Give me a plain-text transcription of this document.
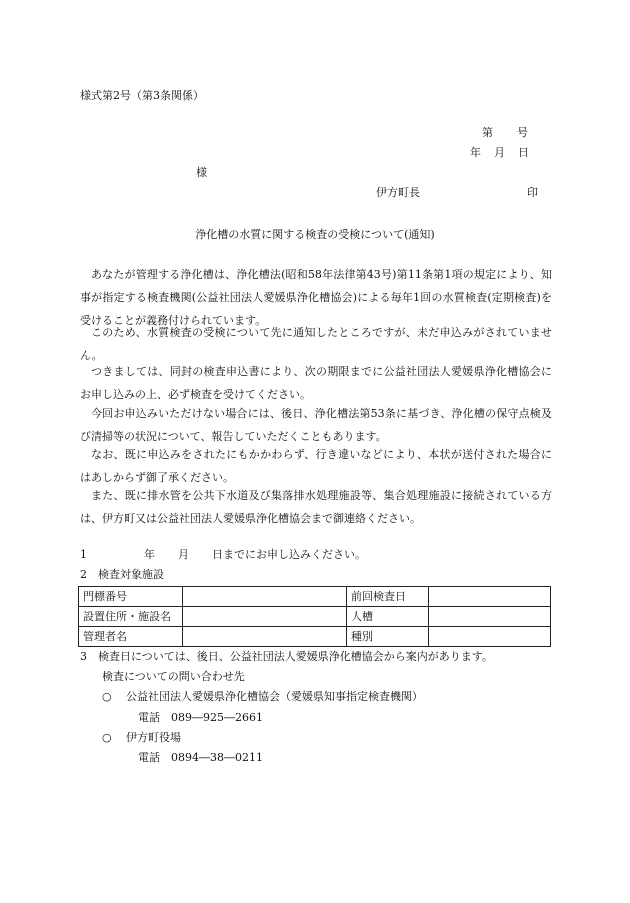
様式第2号（第3条関係）
第 号
年 月 日
様
伊方町長	印
浄化槽の水質に関する検査の受検について(通知)
あなたが管理する浄化槽は、浄化槽法(昭和58年法律第43号)第11条第1項の規定により、知事が指定する検査機関(公益社団法人愛媛県浄化槽協会)による毎年1回の水質検査(定期検査)を受けることが義務付けられています。
このため、水質検査の受検について先に通知したところですが、未だ申込みがされていません。
つきましては、同封の検査申込書により、次の期限までに公益社団法人愛媛県浄化槽協会にお申し込みの上、必ず検査を受けてください。
今回お申込みいただけない場合には、後日、浄化槽法第53条に基づき、浄化槽の保守点検及び清掃等の状況について、報告していただくこともあります。
なお、既に申込みをされたにもかかわらず、行き違いなどにより、本状が送付された場合にはあしからず御了承ください。
また、既に排水管を公共下水道及び集落排水処理施設等、集合処理施設に接続されている方は、伊方町又は公益社団法人愛媛県浄化槽協会まで御連絡ください。
1	年 月 日までにお申し込みください。
2　検査対象施設
門標番号		前回検査日	
設置住所・施設名		人槽	
管理者名		種別	
3　検査日については、後日、公益社団法人愛媛県浄化槽協会から案内があります。
検査についての問い合わせ先
○ 公益社団法人愛媛県浄化槽協会（愛媛県知事指定検査機関）
電話　089―925―2661
○ 伊方町役場
電話　0894―38―0211
